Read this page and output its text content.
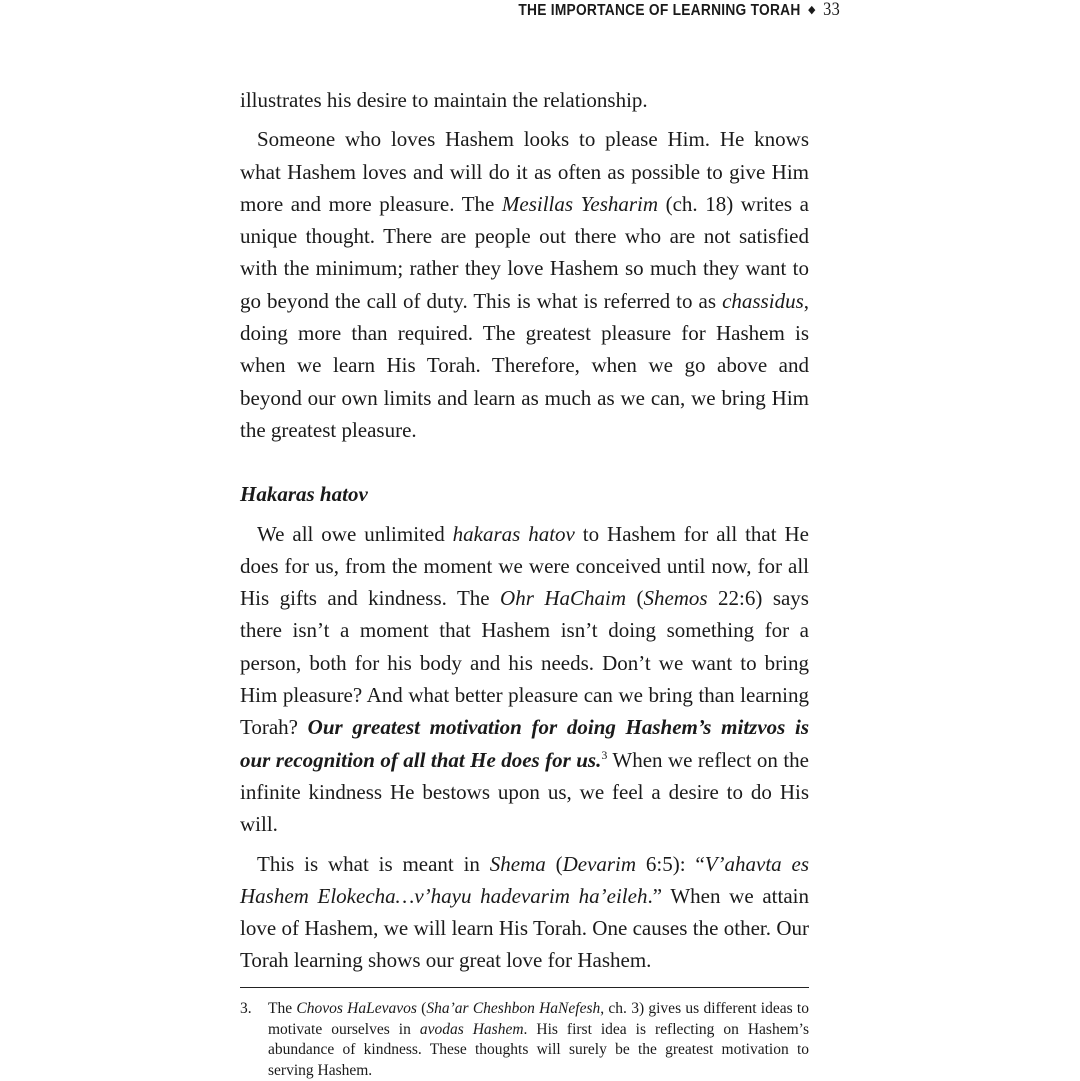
THE IMPORTANCE OF LEARNING TORAH ◆ 33

illustrates his desire to maintain the relationship.

Someone who loves Hashem looks to please Him. He knows what Hashem loves and will do it as often as possible to give Him more and more pleasure. The Mesillas Yesharim (ch. 18) writes a unique thought. There are people out there who are not satisfied with the minimum; rather they love Hashem so much they want to go beyond the call of duty. This is what is referred to as chassidus, doing more than required. The greatest pleasure for Hashem is when we learn His Torah. Therefore, when we go above and beyond our own limits and learn as much as we can, we bring Him the greatest pleasure.

Hakaras hatov

We all owe unlimited hakaras hatov to Hashem for all that He does for us, from the moment we were conceived until now, for all His gifts and kindness. The Ohr HaChaim (Shemos 22:6) says there isn’t a moment that Hashem isn’t doing something for a person, both for his body and his needs. Don’t we want to bring Him pleasure? And what better pleasure can we bring than learning Torah? Our greatest motivation for doing Hashem’s mitzvos is our recognition of all that He does for us.$^3$ When we reflect on the infinite kindness He bestows upon us, we feel a desire to do His will.

This is what is meant in Shema (Devarim 6:5): “V’ahavta es Hashem Elokecha…v’hayu hadevarim ha’eileh.” When we attain love of Hashem, we will learn His Torah. One causes the other. Our Torah learning shows our great love for Hashem.

3. The Chovos HaLevavos (Sha’ar Cheshbon HaNefesh, ch. 3) gives us different ideas to motivate ourselves in avodas Hashem. His first idea is reflecting on Hashem’s abundance of kindness. These thoughts will surely be the greatest motivation to serving Hashem.
